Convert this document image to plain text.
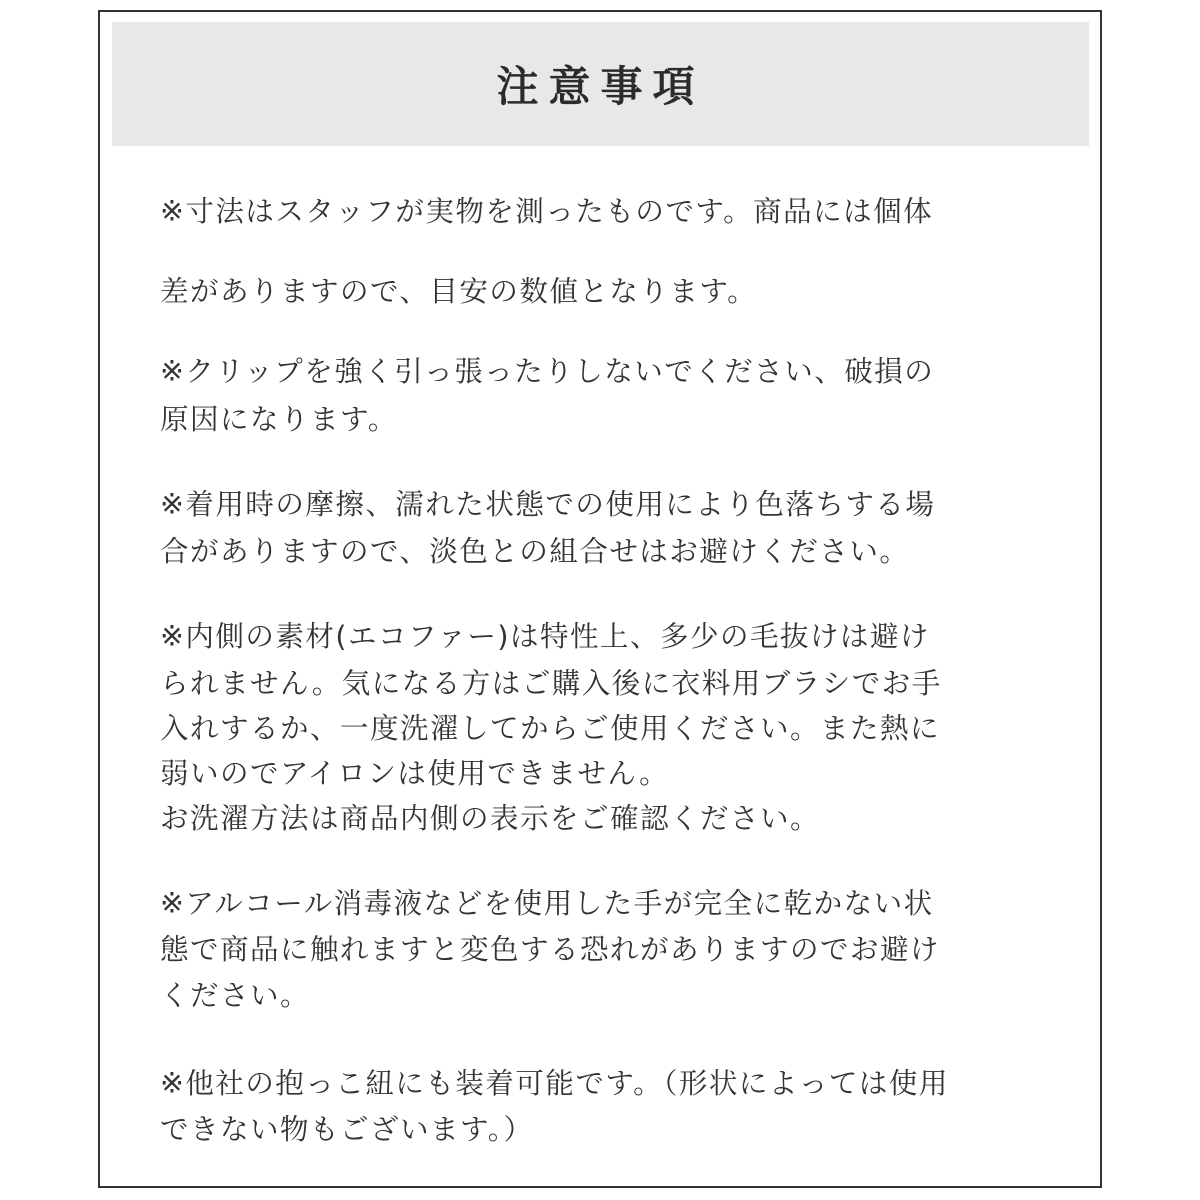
注意事項
※寸法はスタッフが実物を測ったものです。商品には個体
差がありますので、目安の数値となります。
※クリップを強く引っ張ったりしないでください、破損の
原因になります。
※着用時の摩擦、濡れた状態での使用により色落ちする場
合がありますので、淡色との組合せはお避けください。
※内側の素材(エコファー)は特性上、多少の毛抜けは避け
られません。気になる方はご購入後に衣料用ブラシでお手
入れするか、一度洗濯してからご使用ください。また熱に
弱いのでアイロンは使用できません。
お洗濯方法は商品内側の表示をご確認ください。
※アルコール消毒液などを使用した手が完全に乾かない状
態で商品に触れますと変色する恐れがありますのでお避け
ください。
※他社の抱っこ紐にも装着可能です。（形状によっては使用
できない物もございます。）
